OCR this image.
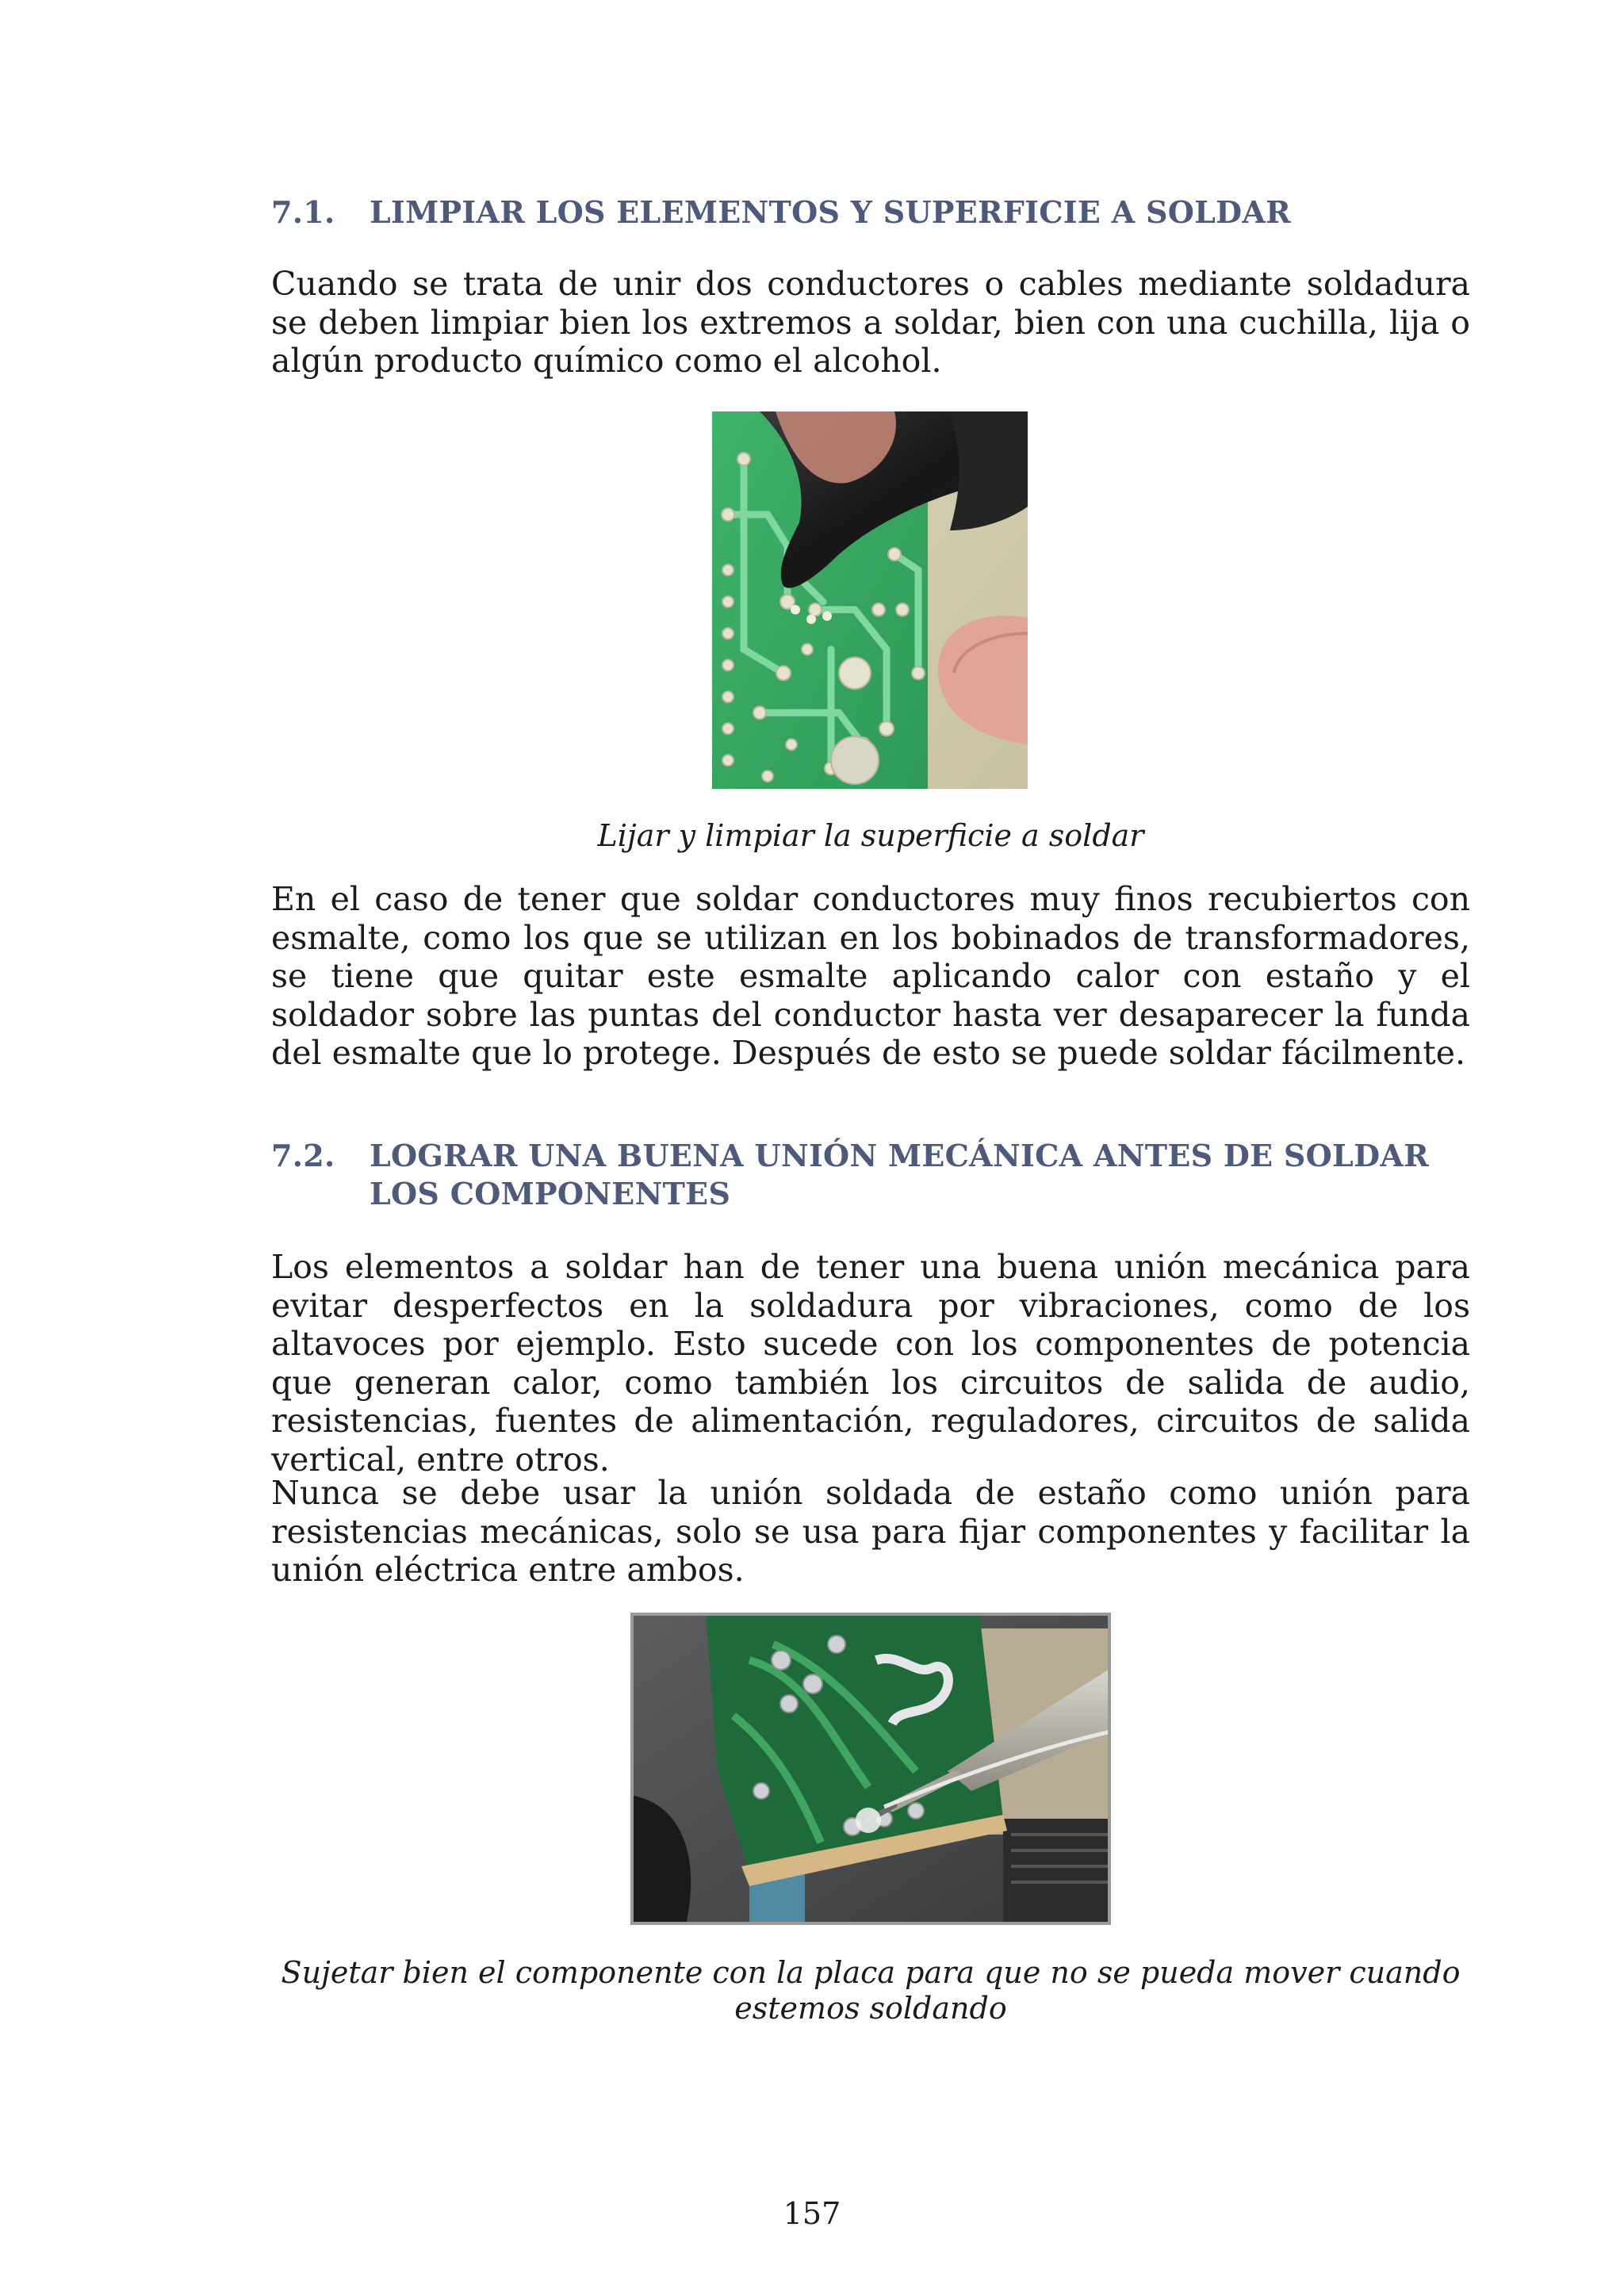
7.1. LIMPIAR LOS ELEMENTOS Y SUPERFICIE A SOLDAR
Cuando se trata de unir dos conductores o cables mediante soldadura se deben limpiar bien los extremos a soldar, bien con una cuchilla, lija o algún producto químico como el alcohol.
Lijar y limpiar la superficie a soldar
En el caso de tener que soldar conductores muy finos recubiertos con esmalte, como los que se utilizan en los bobinados de transformadores, se tiene que quitar este esmalte aplicando calor con estaño y el soldador sobre las puntas del conductor hasta ver desaparecer la funda del esmalte que lo protege. Después de esto se puede soldar fácilmente.
7.2. LOGRAR UNA BUENA UNIÓN MECÁNICA ANTES DE SOLDAR LOS COMPONENTES
Los elementos a soldar han de tener una buena unión mecánica para evitar desperfectos en la soldadura por vibraciones, como de los altavoces por ejemplo. Esto sucede con los componentes de potencia que generan calor, como también los circuitos de salida de audio, resistencias, fuentes de alimentación, reguladores, circuitos de salida vertical, entre otros.
Nunca se debe usar la unión soldada de estaño como unión para resistencias mecánicas, solo se usa para fijar componentes y facilitar la unión eléctrica entre ambos.
Sujetar bien el componente con la placa para que no se pueda mover cuando estemos soldando
157
